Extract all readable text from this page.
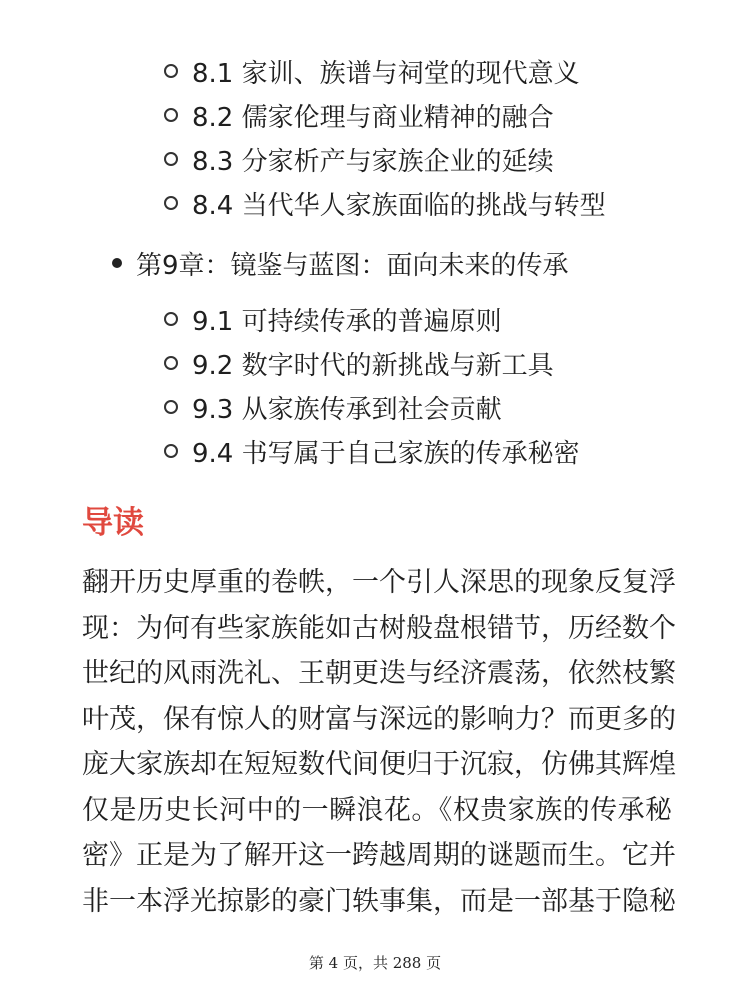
8.1 家训、族谱与祠堂的现代意义
8.2 儒家伦理与商业精神的融合
8.3 分家析产与家族企业的延续
8.4 当代华人家族面临的挑战与转型
第9章：镜鉴与蓝图：面向未来的传承
9.1 可持续传承的普遍原则
9.2 数字时代的新挑战与新工具
9.3 从家族传承到社会贡献
9.4 书写属于自己家族的传承秘密
导读
翻开历史厚重的卷帙，一个引人深思的现象反复浮
现：为何有些家族能如古树般盘根错节，历经数个
世纪的风雨洗礼、王朝更迭与经济震荡，依然枝繁
叶茂，保有惊人的财富与深远的影响力？而更多的
庞大家族却在短短数代间便归于沉寂，仿佛其辉煌
仅是历史长河中的一瞬浪花。《权贵家族的传承秘
密》正是为了解开这一跨越周期的谜题而生。它并
非一本浮光掠影的豪门轶事集，而是一部基于隐秘
第 4 页，共 288 页
